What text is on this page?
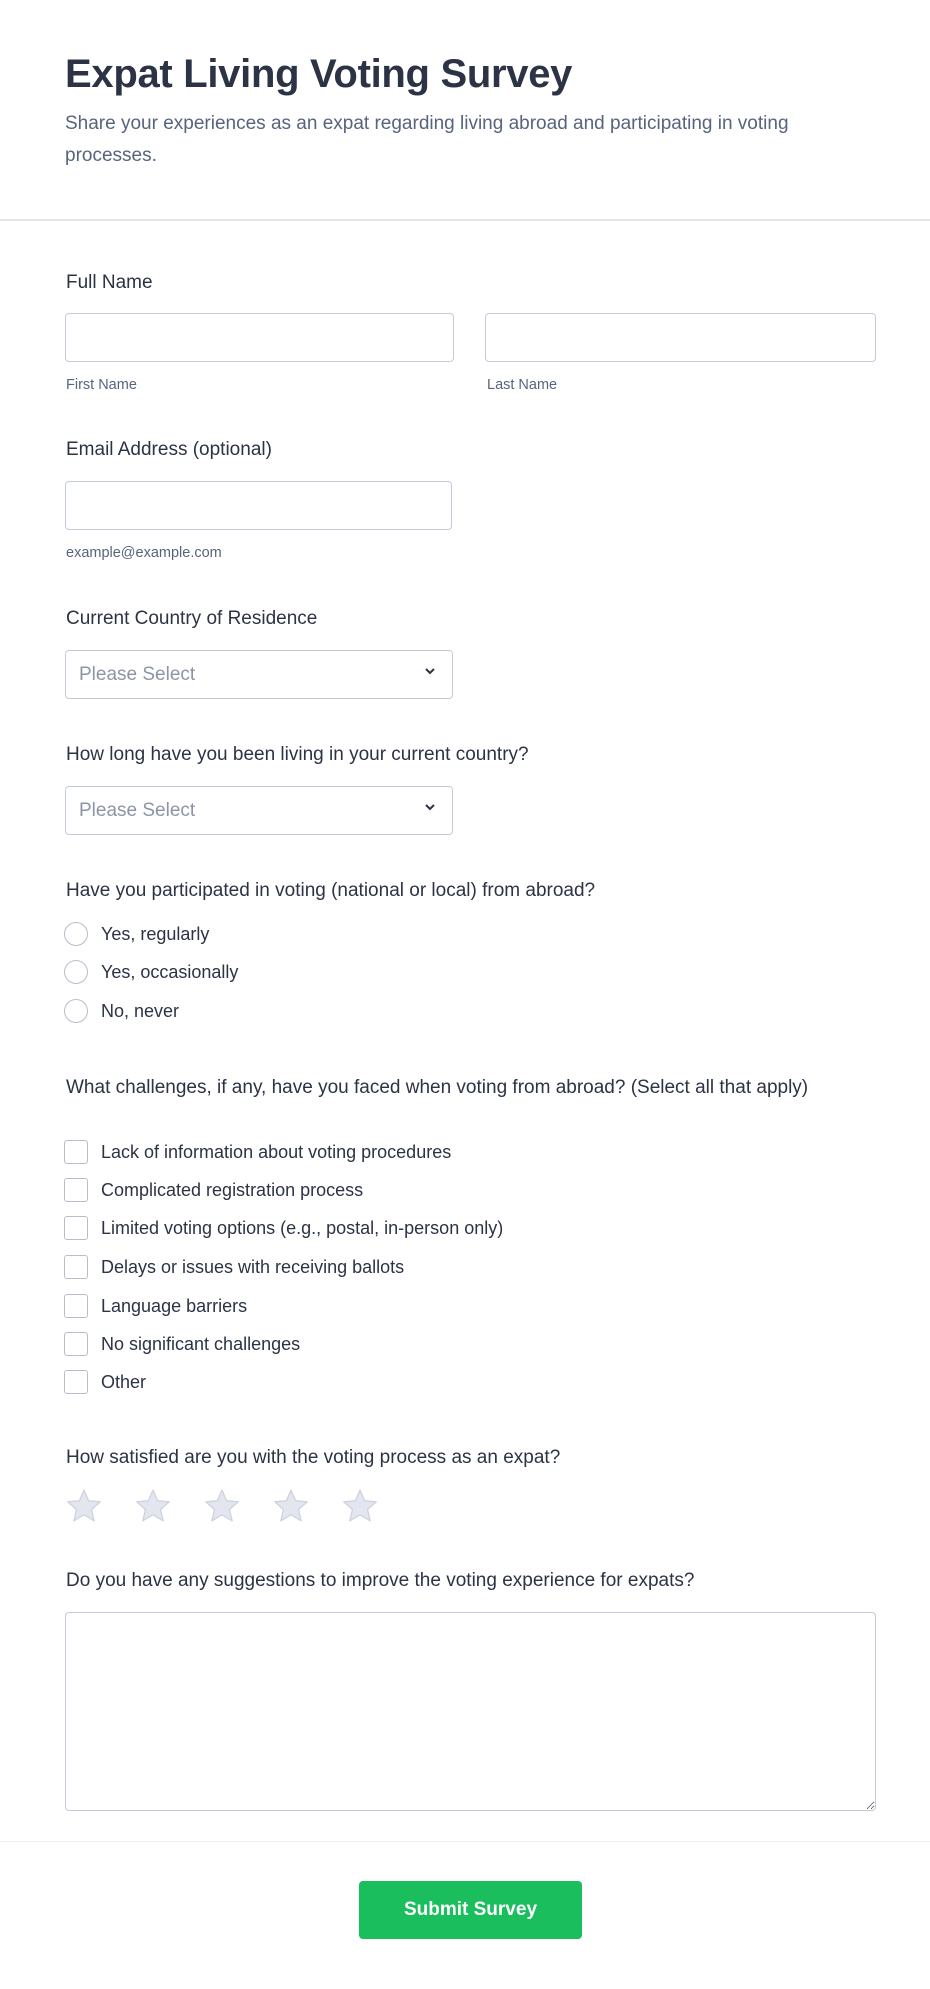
Expat Living Voting Survey

Share your experiences as an expat regarding living abroad and participating in voting processes.

Full Name
First Name	Last Name
Email Address (optional)
example@example.com
Current Country of Residence
Please Select
How long have you been living in your current country?
Please Select
Have you participated in voting (national or local) from abroad?
Yes, regularly
Yes, occasionally
No, never
What challenges, if any, have you faced when voting from abroad? (Select all that apply)
Lack of information about voting procedures
Complicated registration process
Limited voting options (e.g., postal, in-person only)
Delays or issues with receiving ballots
Language barriers
No significant challenges
Other
How satisfied are you with the voting process as an expat?
Do you have any suggestions to improve the voting experience for expats?
Submit Survey
